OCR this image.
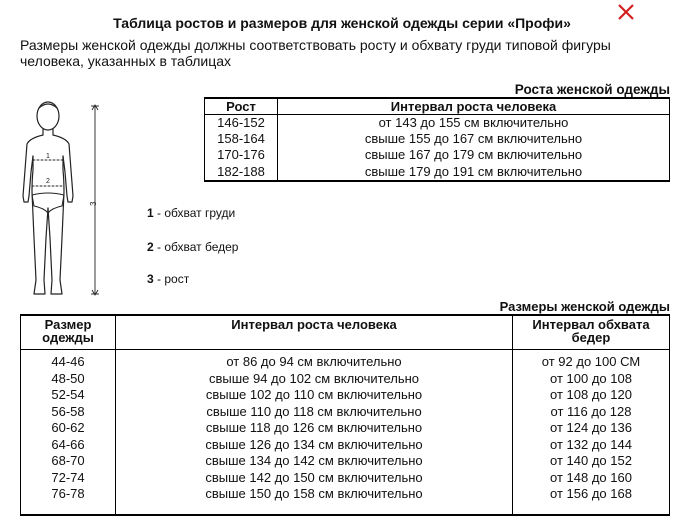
Таблица ростов и размеров для женской одежды серии «Профи»
Размеры женской одежды должны соответствовать росту и обхвату груди типовой фигуры человека, указанных в таблицах
1
2
3
1 - обхват груди
2 - обхват бедер
3 - рост
Роста женской одежды
Рост	Интервал роста человека
146-152	от 143 до 155 см включительно
158-164	свыше 155 до 167 см включительно
170-176	свыше 167 до 179 см включительно
182-188	свыше 179 до 191 см включительно
Размеры женской одежды
Размер одежды	Интервал роста человека	Интервал обхвата бедер
44-46	от 86 до 94 см включительно	от 92 до 100 СМ
48-50	свыше 94 до 102 см включительно	от 100 до 108
52-54	свыше 102 до 110 см включительно	от 108 до 120
56-58	свыше 110 до 118 см включительно	от 116 до 128
60-62	свыше 118 до 126 см включительно	от 124 до 136
64-66	свыше 126 до 134 см включительно	от 132 до 144
68-70	свыше 134 до 142 см включительно	от 140 до 152
72-74	свыше 142 до 150 см включительно	от 148 до 160
76-78	свыше 150 до 158 см включительно	от 156 до 168
